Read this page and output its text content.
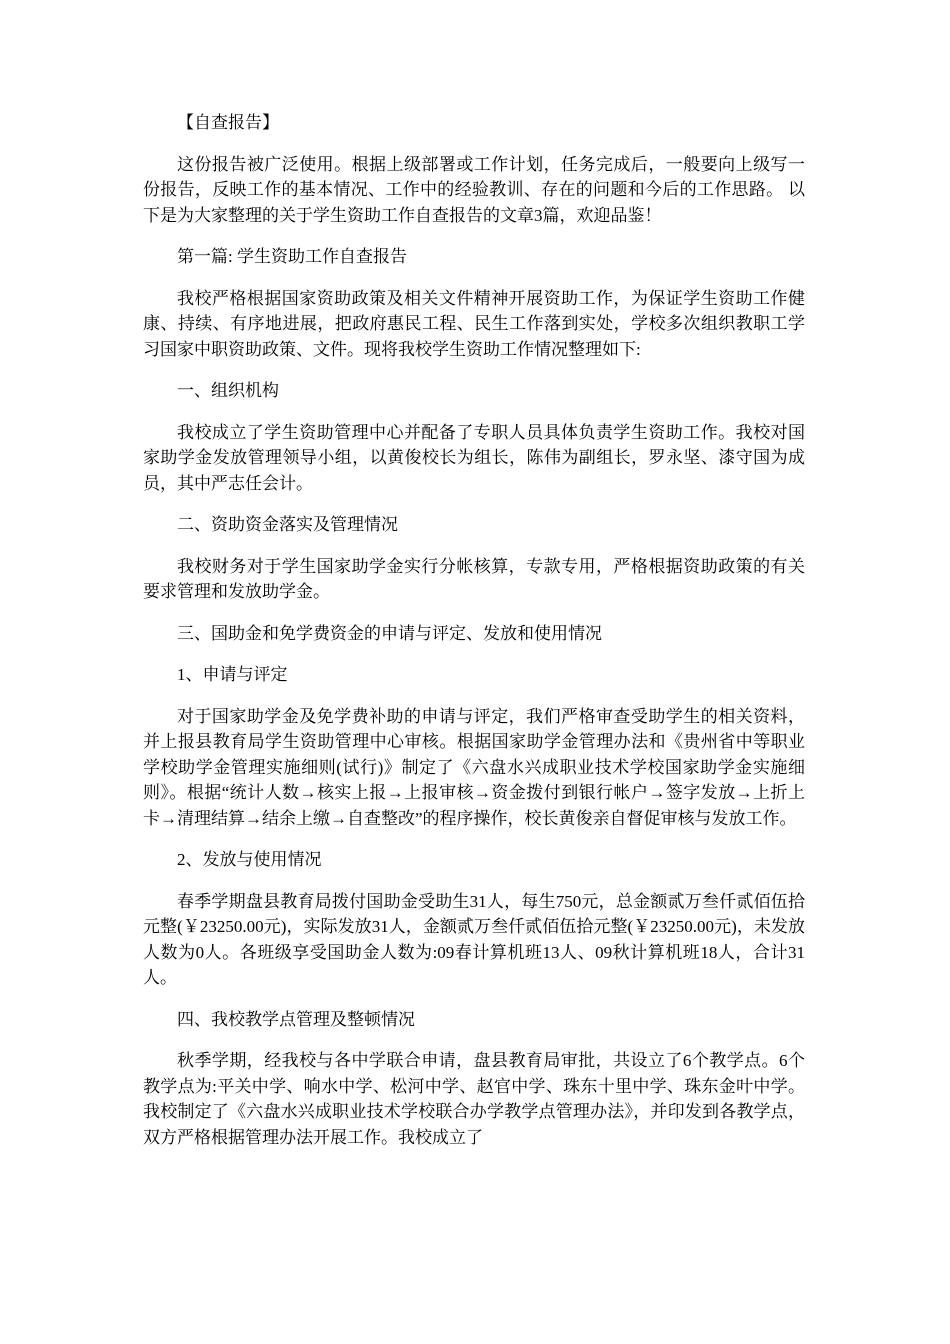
【自查报告】

这份报告被广泛使用。根据上级部署或工作计划，任务完成后，一般要向上级写一份报告，反映工作的基本情况、工作中的经验教训、存在的问题和今后的工作思路。 以下是为大家整理的关于学生资助工作自查报告的文章3篇，欢迎品鉴！

第一篇: 学生资助工作自查报告

我校严格根据国家资助政策及相关文件精神开展资助工作，为保证学生资助工作健康、持续、有序地进展，把政府惠民工程、民生工作落到实处，学校多次组织教职工学习国家中职资助政策、文件。现将我校学生资助工作情况整理如下:

一、组织机构

我校成立了学生资助管理中心并配备了专职人员具体负责学生资助工作。我校对国家助学金发放管理领导小组，以黄俊校长为组长，陈伟为副组长，罗永坚、漆守国为成员，其中严志任会计。

二、资助资金落实及管理情况

我校财务对于学生国家助学金实行分帐核算，专款专用，严格根据资助政策的有关要求管理和发放助学金。

三、国助金和免学费资金的申请与评定、发放和使用情况

1、申请与评定

对于国家助学金及免学费补助的申请与评定，我们严格审查受助学生的相关资料，并上报县教育局学生资助管理中心审核。根据国家助学金管理办法和《贵州省中等职业学校助学金管理实施细则(试行)》制定了《六盘水兴成职业技术学校国家助学金实施细则》。根据“统计人数→核实上报→上报审核→资金拨付到银行帐户→签字发放→上折上卡→清理结算→结余上缴→自查整改”的程序操作，校长黄俊亲自督促审核与发放工作。

2、发放与使用情况

春季学期盘县教育局拨付国助金受助生31人，每生750元，总金额贰万叁仟贰佰伍拾元整(￥23250.00元)，实际发放31人，金额贰万叁仟贰佰伍拾元整(￥23250.00元)，未发放人数为0人。各班级享受国助金人数为:09春计算机班13人、09秋计算机班18人，合计31人。

四、我校教学点管理及整顿情况

秋季学期，经我校与各中学联合申请，盘县教育局审批，共设立了6个教学点。6个教学点为:平关中学、响水中学、松河中学、赵官中学、珠东十里中学、珠东金叶中学。我校制定了《六盘水兴成职业技术学校联合办学教学点管理办法》，并印发到各教学点，双方严格根据管理办法开展工作。我校成立了
